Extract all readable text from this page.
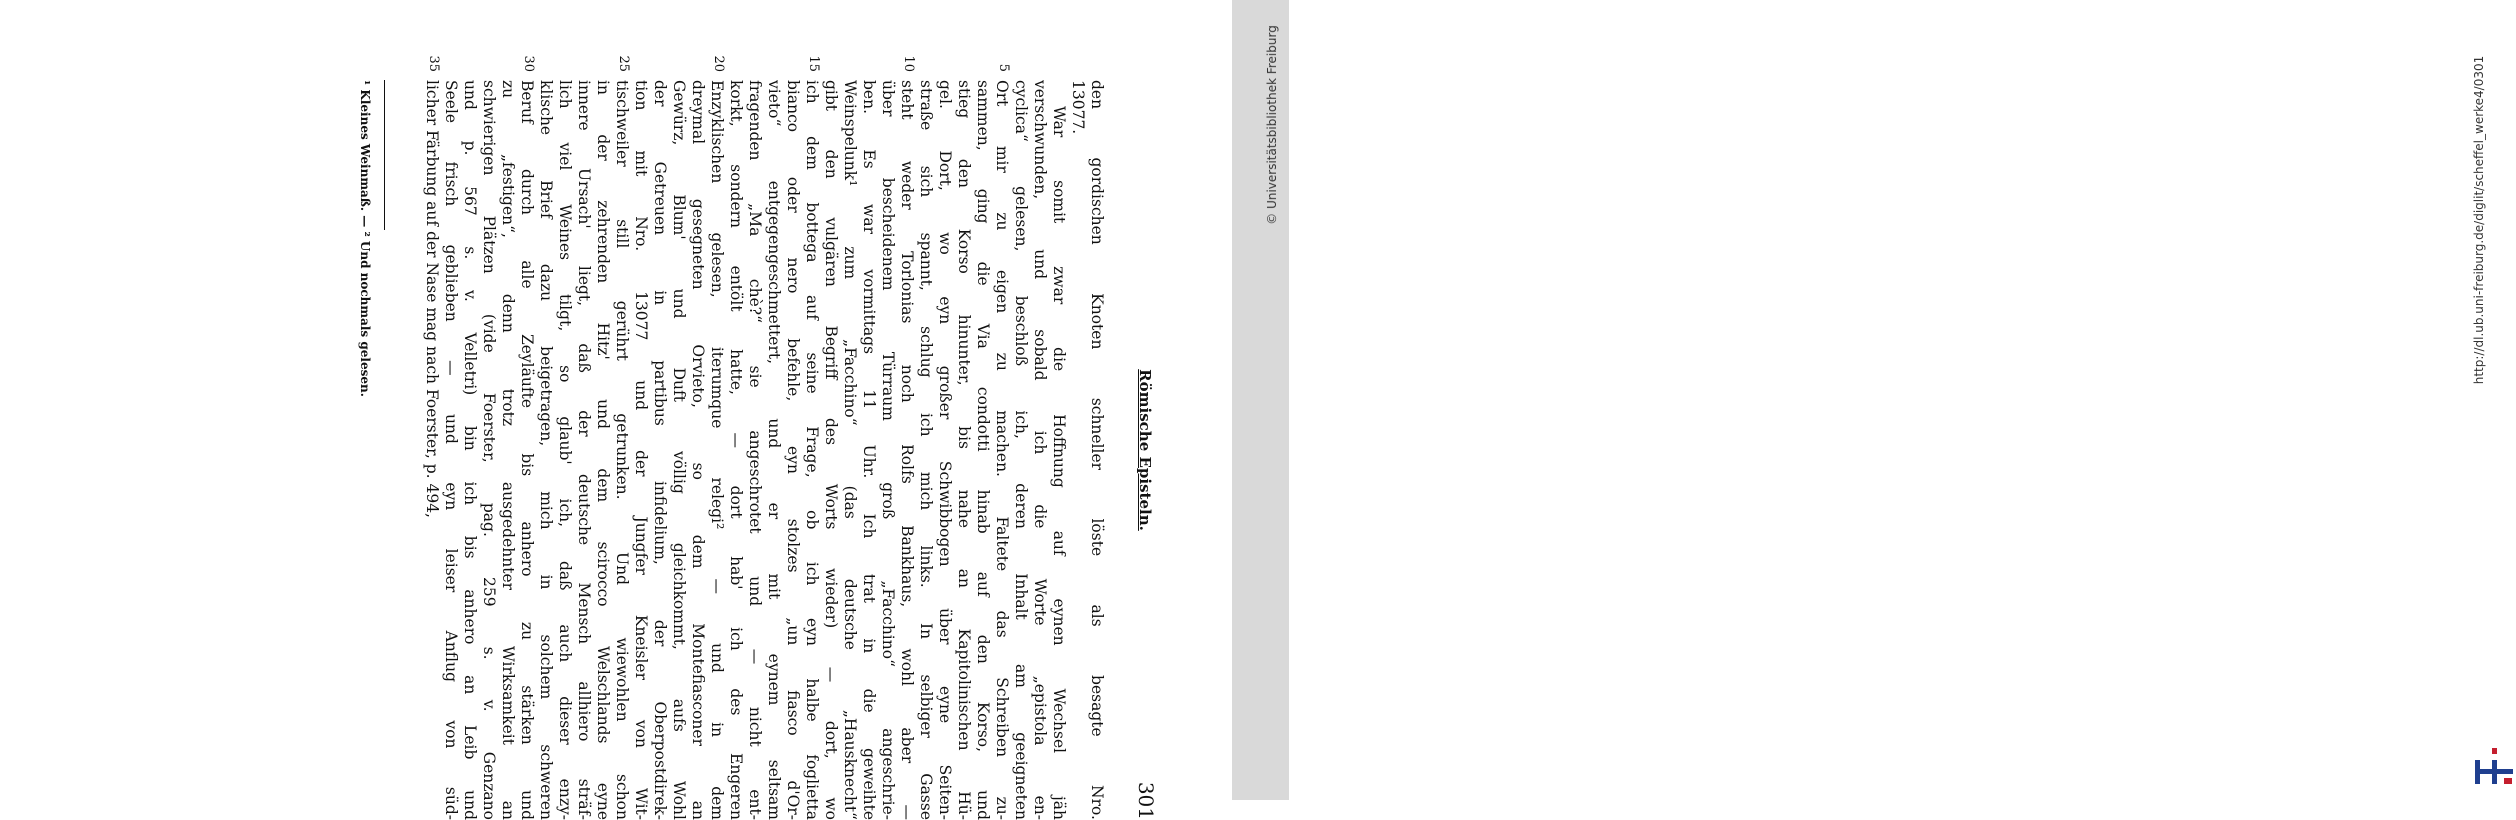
Römische Episteln.
301
den gordischen Knoten schneller löste als besagte Nro.
13077.
War somit zwar die Hoffnung auf eynen Wechsel jäh
verschwunden, und sobald ich die Worte „epistola en-
cyclica“ gelesen, beschloß ich, deren Inhalt am geeigneten
Ort mir zu eigen zu machen. Faltete das Schreiben zu-
5
sammen, ging die Via condotti hinab auf den Korso, und
stieg den Korso hinunter, bis nahe an Kapitolinischen Hü-
gel. Dort, wo eyn großer Schwibbogen über eyne Seiten-
straße sich spannt, schlug ich mich links. In selbiger Gasse
steht weder Torlonias noch Rolfs Bankhaus, wohl aber —
10
über bescheidenem Türraum groß „Facchino“ angeschrie-
ben. Es war vormittags 11 Uhr. Ich trat in die geweihte
Weinspelunk¹ zum „Facchino“ (das deutsche „Hausknecht“
gibt den vulgären Begriff des Worts wieder) — dort, wo
ich dem bottega auf seine Frage, ob ich eyn halbe foglietta
15
bianco oder nero befehle, eyn stolzes „un fiasco d'Or-
vieto“ entgegengeschmettert, und er mit eynem seltsam
fragenden „Ma chè?“ sie angeschrotet und — nicht ent-
korkt, sondern entölt hatte, — dort hab' ich des Engeren
Enzyklischen gelesen, iterumque relegi² — und in dem
20
dreymal gesegneten Orvieto, so dem Montefiasconer an
Gewürz, Blum' und Duft völlig gleichkommt, aufs Wohl
der Getreuen in partibus infidelium, der Oberpostdirek-
tion mit Nro. 13077 und der Jungfer Kneisler von Wit-
tischweiler still gerührt getrunken. Und wiewohlen schon
25
in der zehrenden Hitz' und dem scirocco Welschlands eyne
innere Ursach' liegt, daß der deutsche Mensch allhiero sträf-
lich viel Weines tilgt, so glaub' ich, daß auch dieser enzy-
klische Brief dazu beigetragen, mich in solchem schweren
Beruf durch alle Zeyläufte bis anhero zu stärken und
30
zu „festigen“, denn trotz ausgedehnter Wirksamkeit an
schwierigen Plätzen (vide Foerster, pag. 259 s. v. Genzano
und p. 567 s. v. Velletri) bin ich bis anhero an Leib und
Seele frisch geblieben — und eyn leiser Anflug von süd-
licher Färbung auf der Nase mag nach Foerster, p. 494,
35
¹ Kleines Weinmaß. — ² Und nochmals gelesen.	http://dl.ub.uni-freiburg.de/diglit/scheffel_werke4/0301
© Universitätsbibliothek Freiburg
